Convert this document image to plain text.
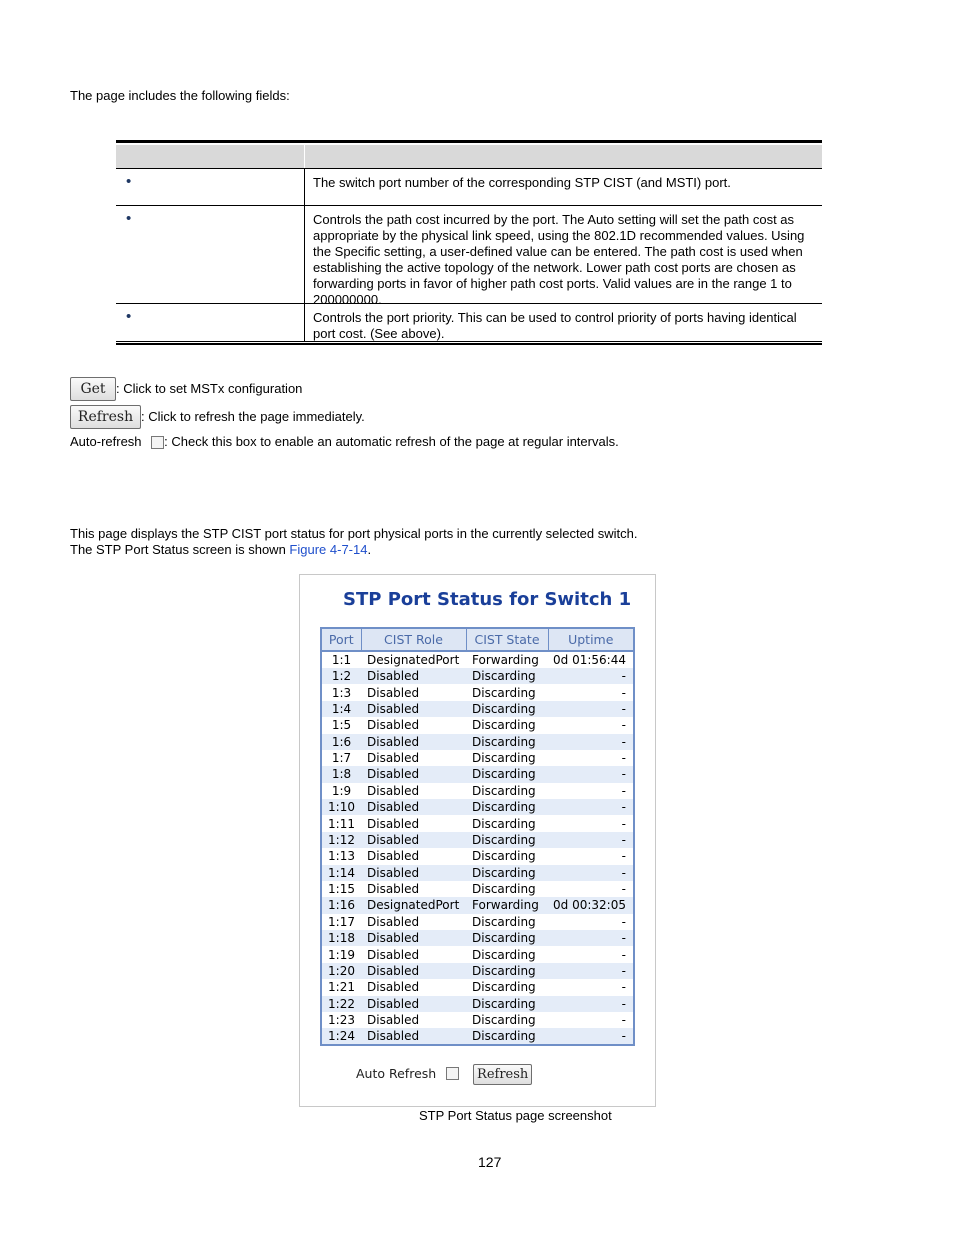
The page includes the following fields:
•	The switch port number of the corresponding STP CIST (and MSTI) port.
•	Controls the path cost incurred by the port. The Auto setting will set the path cost as appropriate by the physical link speed, using the 802.1D recommended values. Using the Specific setting, a user-defined value can be entered. The path cost is used when establishing the active topology of the network. Lower path cost ports are chosen as forwarding ports in favor of higher path cost ports. Valid values are in the range 1 to 200000000.
•	Controls the port priority. This can be used to control priority of ports having identical port cost. (See above).
Get : Click to set MSTx configuration
Refresh : Click to refresh the page immediately.
Auto-refresh : Check this box to enable an automatic refresh of the page at regular intervals.
This page displays the STP CIST port status for port physical ports in the currently selected switch.
The STP Port Status screen is shown Figure 4-7-14.
STP Port Status for Switch 1
Port	CIST Role	CIST State	Uptime
1:1	DesignatedPort	Forwarding	0d 01:56:44
1:2	Disabled	Discarding	-
1:3	Disabled	Discarding	-
1:4	Disabled	Discarding	-
1:5	Disabled	Discarding	-
1:6	Disabled	Discarding	-
1:7	Disabled	Discarding	-
1:8	Disabled	Discarding	-
1:9	Disabled	Discarding	-
1:10	Disabled	Discarding	-
1:11	Disabled	Discarding	-
1:12	Disabled	Discarding	-
1:13	Disabled	Discarding	-
1:14	Disabled	Discarding	-
1:15	Disabled	Discarding	-
1:16	DesignatedPort	Forwarding	0d 00:32:05
1:17	Disabled	Discarding	-
1:18	Disabled	Discarding	-
1:19	Disabled	Discarding	-
1:20	Disabled	Discarding	-
1:21	Disabled	Discarding	-
1:22	Disabled	Discarding	-
1:23	Disabled	Discarding	-
1:24	Disabled	Discarding	-
Auto Refresh	Refresh
STP Port Status page screenshot
127
